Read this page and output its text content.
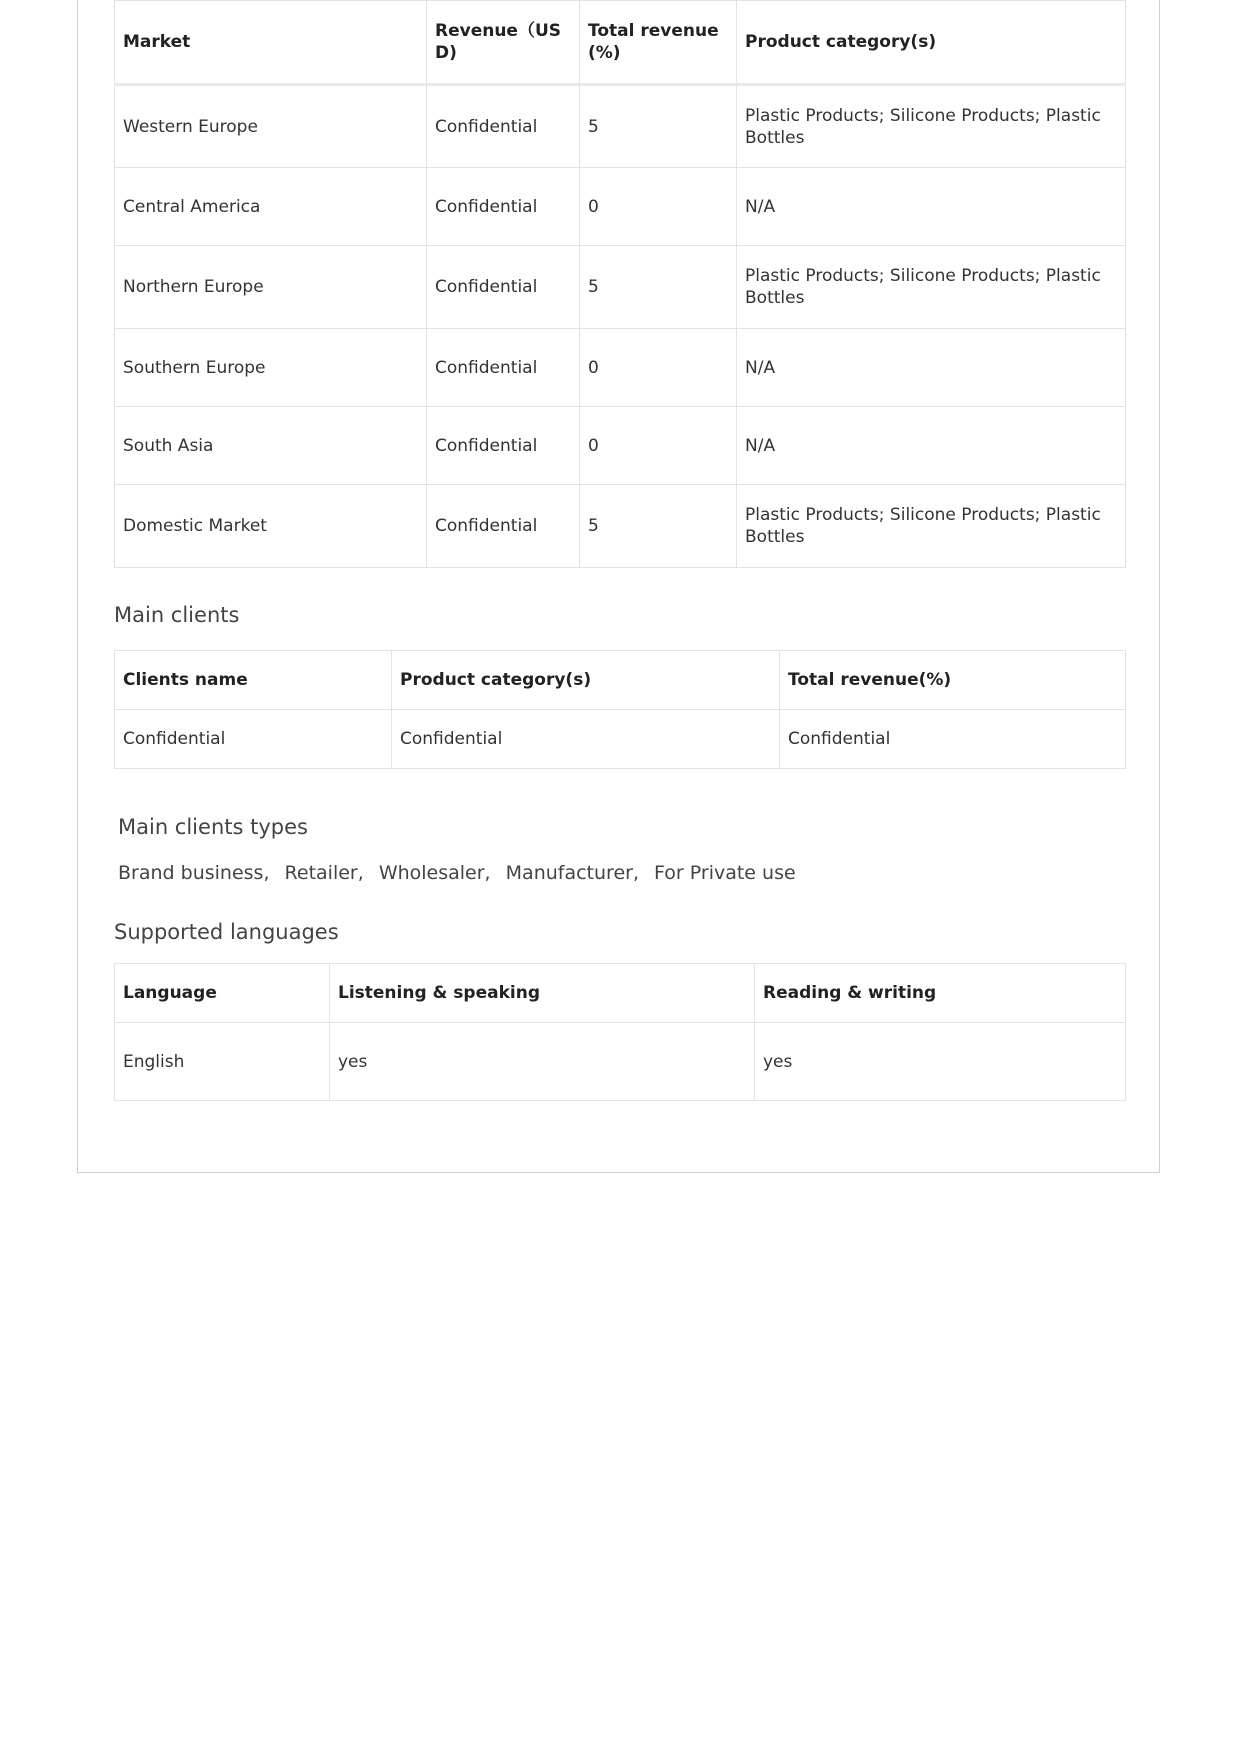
Market	Revenue（USD)	Total revenue (%)	Product category(s)
Western Europe	Confidential	5	Plastic Products; Silicone Products; Plastic Bottles
Central America	Confidential	0	N/A
Northern Europe	Confidential	5	Plastic Products; Silicone Products; Plastic Bottles
Southern Europe	Confidential	0	N/A
South Asia	Confidential	0	N/A
Domestic Market	Confidential	5	Plastic Products; Silicone Products; Plastic Bottles
Main clients
Clients name	Product category(s)	Total revenue(%)
Confidential	Confidential	Confidential
Main clients types
Brand business, Retailer, Wholesaler, Manufacturer, For Private use
Supported languages
Language	Listening & speaking	Reading & writing
English	yes	yes
